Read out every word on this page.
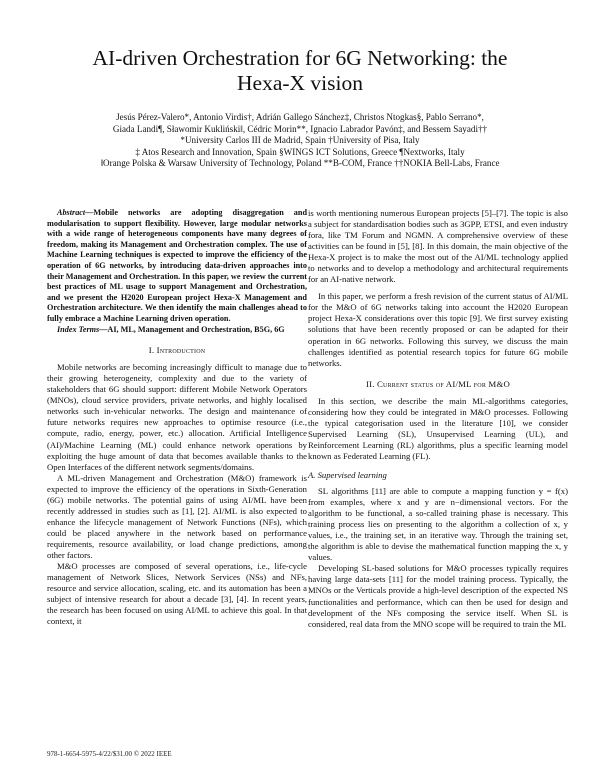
AI-driven Orchestration for 6G Networking: the
Hexa-X vision
Jesús Pérez-Valero*, Antonio Virdis†, Adrián Gallego Sánchez‡, Christos Ntogkas§, Pablo Serrano*,
Giada Landi¶, Sławomir Kukliński‖, Cédric Morin**, Ignacio Labrador Pavón‡, and Bessem Sayadi††
*University Carlos III de Madrid, Spain †University of Pisa, Italy
‡ Atos Research and Innovation, Spain §WINGS ICT Solutions, Greece ¶Nextworks, Italy
‖Orange Polska & Warsaw University of Technology, Poland **B-COM, France ††NOKIA Bell-Labs, France

Abstract—Mobile networks are adopting disaggregation and modularisation to support flexibility. However, large modular networks with a wide range of heterogeneous components have many degrees of freedom, making its Management and Orchestration complex. The use of Machine Learning techniques is expected to improve the efficiency of the operation of 6G networks, by introducing data-driven approaches into their Management and Orchestration. In this paper, we review the current best practices of ML usage to support Management and Orchestration, and we present the H2020 European project Hexa-X Management and Orchestration architecture. We then identify the main challenges ahead to fully embrace a Machine Learning driven operation.

Index Terms—AI, ML, Management and Orchestration, B5G, 6G

I. Introduction

Mobile networks are becoming increasingly difficult to manage due to their growing heterogeneity, complexity and due to the variety of stakeholders that 6G should support: different Mobile Network Operators (MNOs), cloud service providers, private networks, and highly localised networks such in-vehicular networks. The design and maintenance of future networks requires new approaches to optimise resource (i.e., compute, radio, energy, power, etc.) allocation. Artificial Intelligence (AI)/Machine Learning (ML) could enhance network operations by exploiting the huge amount of data that becomes available thanks to the Open Interfaces of the different network segments/domains.

A ML-driven Management and Orchestration (M&O) framework is expected to improve the efficiency of the operations in Sixth-Generation (6G) mobile networks. The potential gains of using AI/ML have been recently addressed in studies such as [1], [2]. AI/ML is also expected to enhance the lifecycle management of Network Functions (NFs), which could be placed anywhere in the network based on performance requirements, resource availability, or load change predictions, among other factors.

M&O processes are composed of several operations, i.e., life-cycle management of Network Slices, Network Services (NSs) and NFs, resource and service allocation, scaling, etc. and its automation has been a subject of intensive research for about a decade [3], [4]. In recent years, the research has been focused on using AI/ML to achieve this goal. In that context, it

is worth mentioning numerous European projects [5]–[7]. The topic is also a subject for standardisation bodies such as 3GPP, ETSI, and even industry fora, like TM Forum and NGMN. A comprehensive overview of these activities can be found in [5], [8]. In this domain, the main objective of the Hexa-X project is to make the most out of the AI/ML technology applied to networks and to develop a methodology and architectural requirements for an AI-native network.

In this paper, we perform a fresh revision of the current status of AI/ML for the M&O of 6G networks taking into account the H2020 European project Hexa-X considerations over this topic [9]. We first survey existing solutions that have been recently proposed or can be adapted for their operation in 6G networks. Following this survey, we discuss the main challenges identified as potential research topics for future 6G mobile networks.

II. Current status of AI/ML for M&O

In this section, we describe the main ML-algorithms categories, considering how they could be integrated in M&O processes. Following the typical categorisation used in the literature [10], we consider Supervised Learning (SL), Unsupervised Learning (UL), and Reinforcement Learning (RL) algorithms, plus a specific learning model known as Federated Learning (FL).

A. Supervised learning

SL algorithms [11] are able to compute a mapping function y = f(x) from examples, where x and y are n−dimensional vectors. For the algorithm to be functional, a so-called training phase is necessary. This training process lies on presenting to the algorithm a collection of x, y values, i.e., the training set, in an iterative way. Through the training set, the algorithm is able to devise the mathematical function mapping the x, y values.

Developing SL-based solutions for M&O processes typically requires having large data-sets [11] for the model training process. Typically, the MNOs or the Verticals provide a high-level description of the expected NS functionalities and performance, which can then be used for design and development of the NFs composing the service itself. When SL is considered, real data from the MNO scope will be required to train the ML

978-1-6654-5975-4/22/$31.00 © 2022 IEEE
